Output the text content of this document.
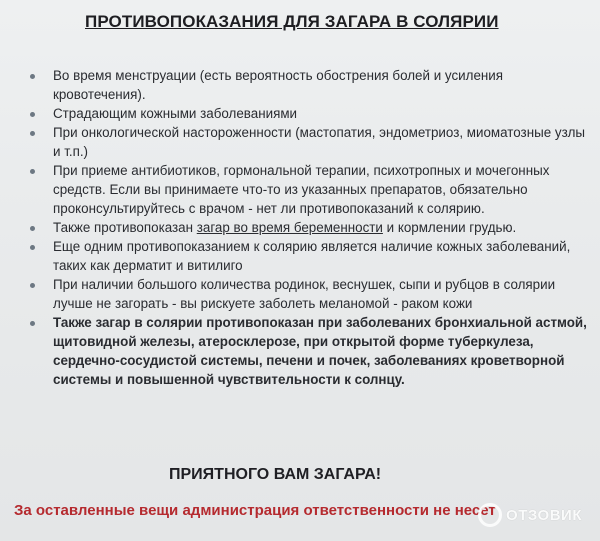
ПРОТИВОПОКАЗАНИЯ ДЛЯ ЗАГАРА В СОЛЯРИИ
Во время менструации (есть вероятность обострения болей и усиления кровотечения).
Страдающим кожными заболеваниями
При онкологической настороженности (мастопатия, эндометриоз, миоматозные узлы и т.п.)
При приеме антибиотиков, гормональной терапии, психотропных и мочегонных средств. Если вы принимаете что-то из указанных препаратов, обязательно проконсультируйтесь с врачом - нет ли противопоказаний к солярию.
Также противопоказан загар во время беременности и кормлении грудью.
Еще одним противопоказанием к солярию является наличие кожных заболеваний, таких как дерматит и витилиго
При наличии большого количества родинок, веснушек, сыпи и рубцов в солярии лучше не загорать - вы рискуете заболеть меланомой - раком кожи
Также загар в солярии противопоказан при заболеваних бронхиальной астмой, щитовидной железы, атеросклерозе, при открытой форме туберкулеза, сердечно-сосудистой системы, печени и почек, заболеваниях кроветворной системы и повышенной чувствительности к солнцу.
ПРИЯТНОГО ВАМ ЗАГАРА!
За оставленные вещи администрация ответственности не несет ОТЗОВИК
